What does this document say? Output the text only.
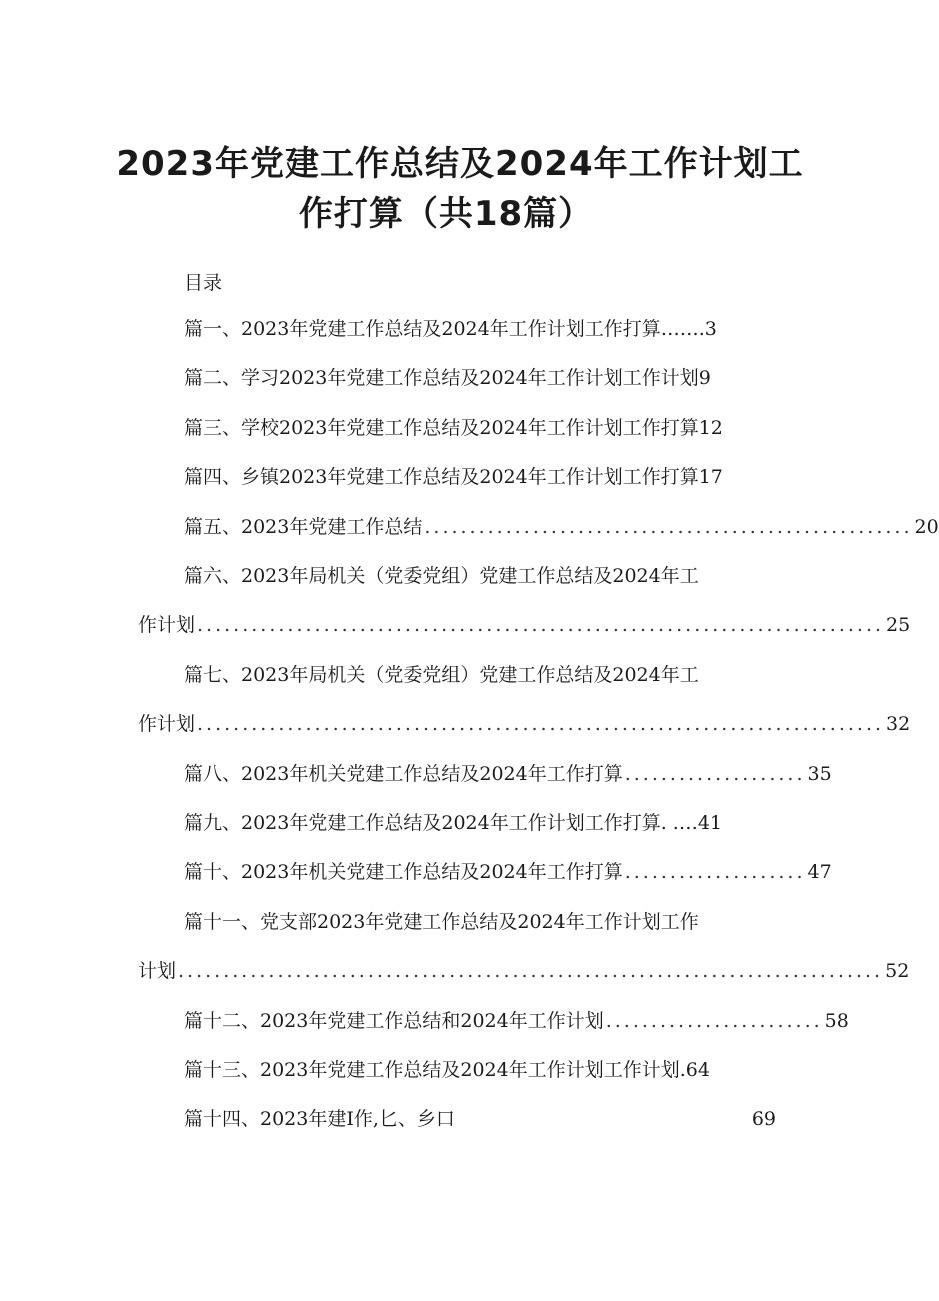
2023年党建工作总结及2024年工作计划工
作打算（共18篇）
目录
篇一、2023年党建工作总结及2024年工作计划工作打算…… .3
篇二、学习2023年党建工作总结及2024年工作计划工作计划 9
篇三、学校2023年党建工作总结及2024年工作计划工作打算 12
篇四、乡镇2023年党建工作总结及2024年工作计划工作打算 17
篇五、2023年党建工作总结 ...................................................... 20
篇六、2023年局机关（党委党组）党建工作总结及2024年工
作计划 ............................................................................ 25
篇七、2023年局机关（党委党组）党建工作总结及2024年工
作计划 ............................................................................ 32
篇八、2023年机关党建工作总结及2024年工作打算 .................... 35
篇九、2023年党建工作总结及2024年工作计划工作打算. . …41
篇十、2023年机关党建工作总结及2024年工作打算 .................... 47
篇十一、党支部2023年党建工作总结及2024年工作计划工作
计划 .............................................................................. 52
篇十二、2023年党建工作总结和2024年工作计划 ........................ 58
篇十三、2023年党建工作总结及2024年工作计划工作计划 .64
篇十四、2023年建I作,匕、乡口	69
